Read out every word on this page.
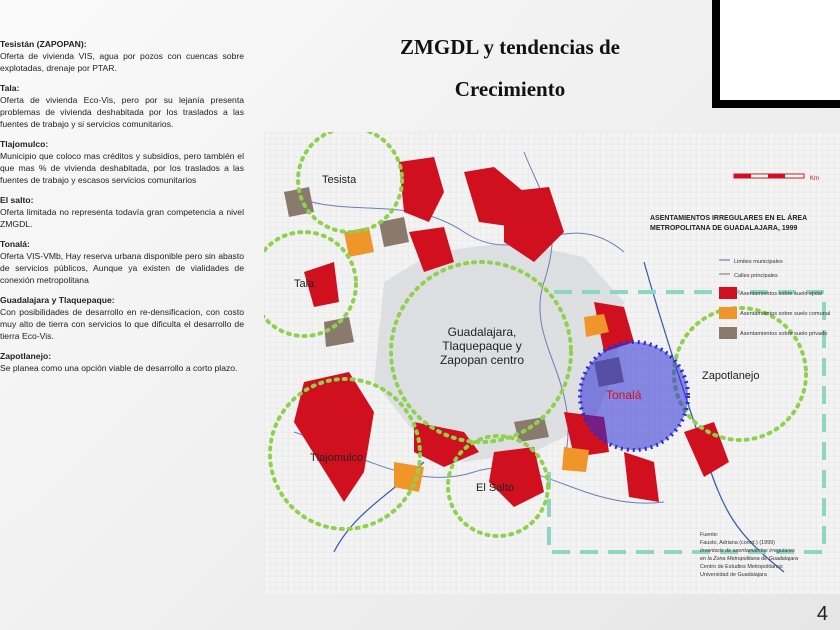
Tesistán (ZAPOPAN):
Oferta de vivienda VIS, agua por pozos con cuencas sobre explotadas, drenaje por PTAR.
Tala:
Oferta de vivienda Eco-Vis, pero por su lejanía presenta problemas de vivienda deshabitada por los traslados a las fuentes de trabajo y si servicios comunitarios.
Tlajomulco:
Municipio que coloco mas créditos y subsidios, pero también el que mas % de vivienda deshabitada, por los traslados a las fuentes de trabajo y escasos servicios comunitarios
El salto:
Oferta limitada no representa todavía gran competencia a nivel ZMGDL.
Tonalá:
Oferta VIS-VMb, Hay reserva urbana disponible pero sin abasto de servicios públicos, Aunque ya existen de vialidades de conexión metropolitana
Guadalajara y Tlaquepaque:
Con posibilidades de desarrollo en re-densificacion, con costo muy alto de tierra con servicios lo que dificulta el desarrollo de tierra Eco-Vis.
Zapotlanejo:
Se planea como una opción viable de desarrollo a corto plazo.
ZMGDL y tendencias de
Crecimiento
Km
ASENTAMIENTOS IRREGULARES EN EL ÁREA
METROPOLITANA DE GUADALAJARA, 1999
Limites municipales
Calles principales
Asentamientos sobre suelo ejidal
Asentamientos sobre suelo comunal
Asentamientos sobre suelo privado
Fuente:
Fausto, Adriana (coord.) (1999)
Inventario de asentamientos irregulares
en la Zona Metropolitana de Guadalajara
Centro de Estudios Metropolitanos
Universidad de Guadalajara
Tesista
Tala
Guadalajara,
Tlaquepaque y
Zapopan centro
Tonalá
Zapotlanejo
Tlajomulco
El Salto
4
